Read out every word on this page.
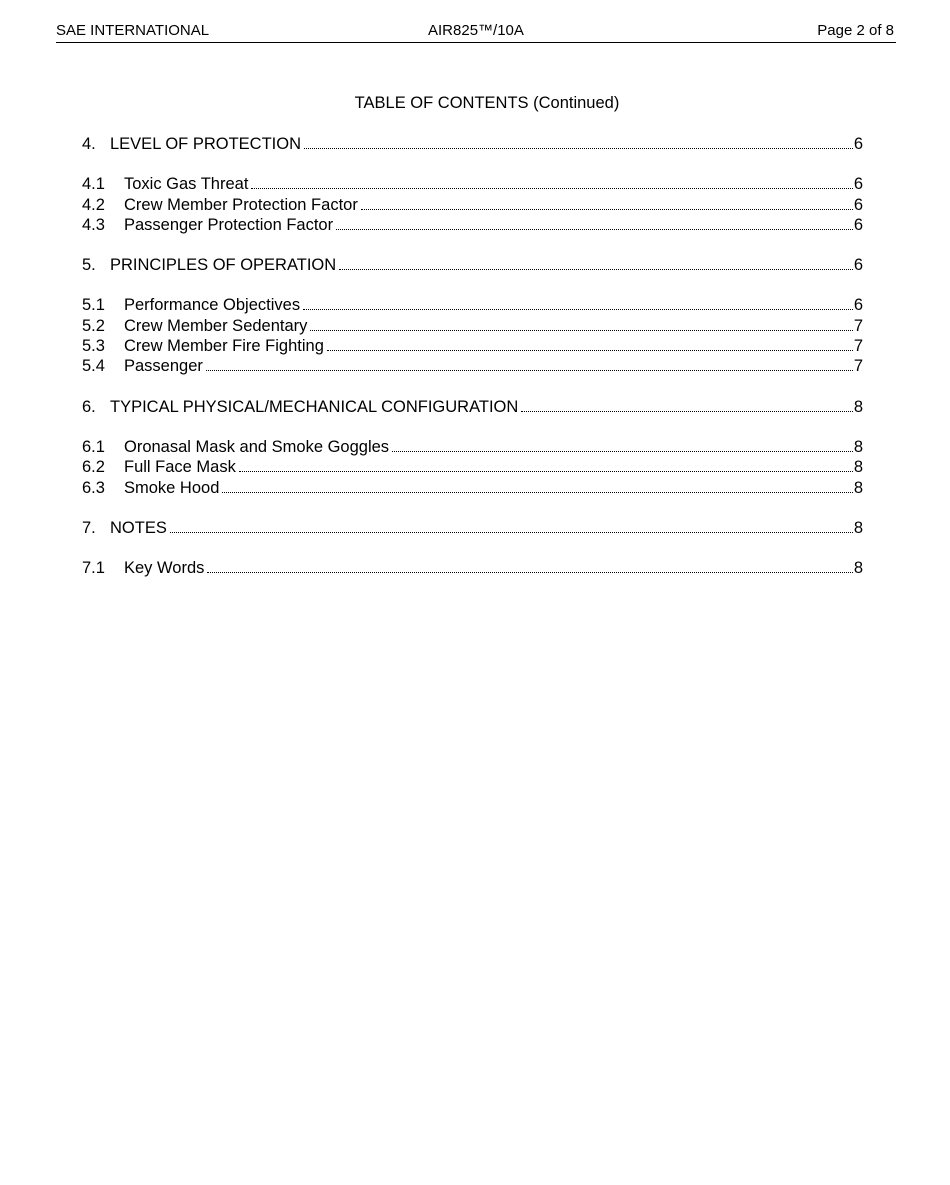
SAE INTERNATIONAL	AIR825™/10A	Page 2 of 8
TABLE OF CONTENTS (Continued)
4. LEVEL OF PROTECTION	6
4.1	Toxic Gas Threat	6
4.2	Crew Member Protection Factor	6
4.3	Passenger Protection Factor	6
5. PRINCIPLES OF OPERATION	6
5.1	Performance Objectives	6
5.2	Crew Member Sedentary	7
5.3	Crew Member Fire Fighting	7
5.4	Passenger	7
6. TYPICAL PHYSICAL/MECHANICAL CONFIGURATION	8
6.1	Oronasal Mask and Smoke Goggles	8
6.2	Full Face Mask	8
6.3	Smoke Hood	8
7. NOTES	8
7.1	Key Words	8
